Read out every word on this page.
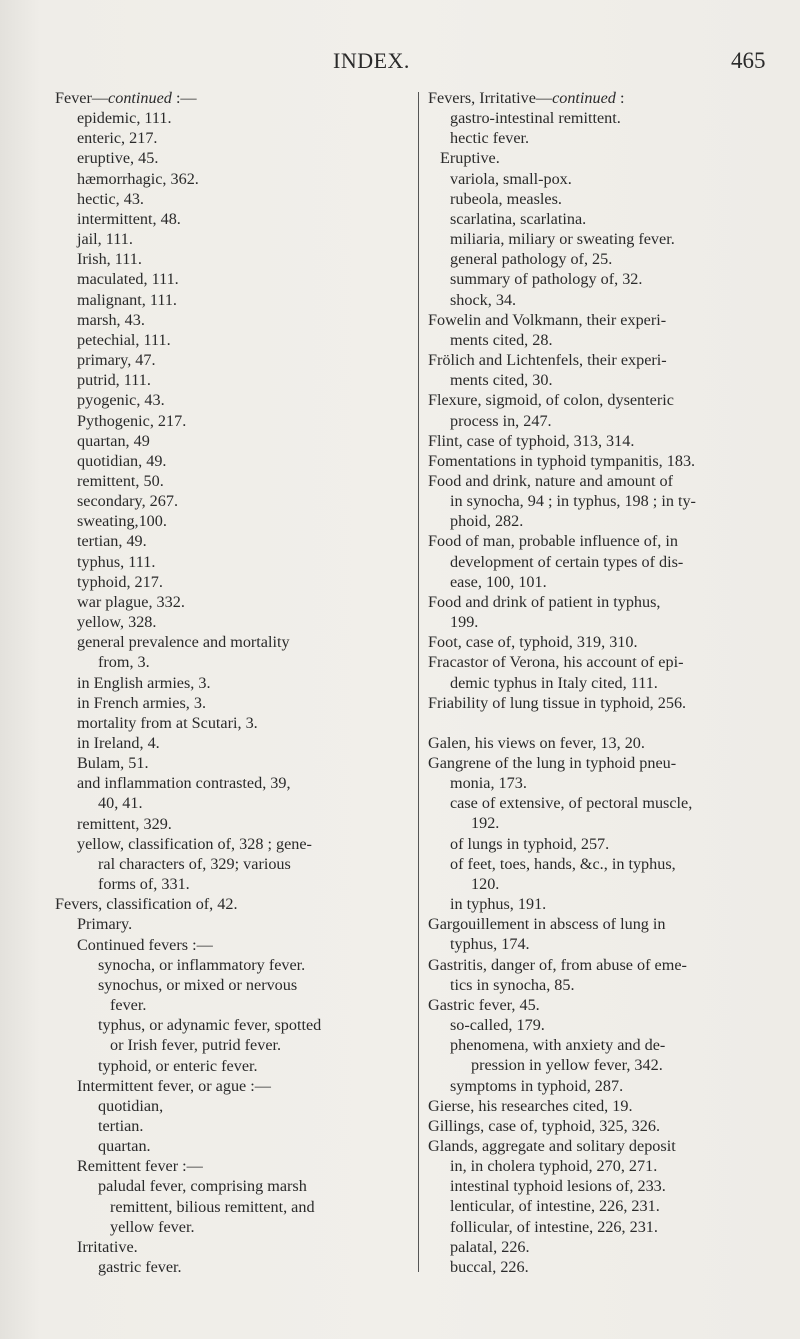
INDEX.	465
Fever—continued :—
epidemic, 111.
enteric, 217.
eruptive, 45.
hæmorrhagic, 362.
hectic, 43.
intermittent, 48.
jail, 111.
Irish, 111.
maculated, 111.
malignant, 111.
marsh, 43.
petechial, 111.
primary, 47.
putrid, 111.
pyogenic, 43.
Pythogenic, 217.
quartan, 49
quotidian, 49.
remittent, 50.
secondary, 267.
sweating,100.
tertian, 49.
typhus, 111.
typhoid, 217.
war plague, 332.
yellow, 328.
general prevalence and mortality
from, 3.
in English armies, 3.
in French armies, 3.
mortality from at Scutari, 3.
in Ireland, 4.
Bulam, 51.
and inflammation contrasted, 39,
40, 41.
remittent, 329.
yellow, classification of, 328 ; gene-
ral characters of, 329; various
forms of, 331.
Fevers, classification of, 42.
Primary.
Continued fevers :—
synocha, or inflammatory fever.
synochus, or mixed or nervous
fever.
typhus, or adynamic fever, spotted
or Irish fever, putrid fever.
typhoid, or enteric fever.
Intermittent fever, or ague :—
quotidian,
tertian.
quartan.
Remittent fever :—
paludal fever, comprising marsh
remittent, bilious remittent, and
yellow fever.
Irritative.
gastric fever.
Fevers, Irritative—continued :
gastro-intestinal remittent.
hectic fever.
Eruptive.
variola, small-pox.
rubeola, measles.
scarlatina, scarlatina.
miliaria, miliary or sweating fever.
general pathology of, 25.
summary of pathology of, 32.
shock, 34.
Fowelin and Volkmann, their experi-
ments cited, 28.
Frölich and Lichtenfels, their experi-
ments cited, 30.
Flexure, sigmoid, of colon, dysenteric
process in, 247.
Flint, case of typhoid, 313, 314.
Fomentations in typhoid tympanitis, 183.
Food and drink, nature and amount of
in synocha, 94 ; in typhus, 198 ; in ty-
phoid, 282.
Food of man, probable influence of, in
development of certain types of dis-
ease, 100, 101.
Food and drink of patient in typhus,
199.
Foot, case of, typhoid, 319, 310.
Fracastor of Verona, his account of epi-
demic typhus in Italy cited, 111.
Friability of lung tissue in typhoid, 256.
Galen, his views on fever, 13, 20.
Gangrene of the lung in typhoid pneu-
monia, 173.
case of extensive, of pectoral muscle,
192.
of lungs in typhoid, 257.
of feet, toes, hands, &c., in typhus,
120.
in typhus, 191.
Gargouillement in abscess of lung in
typhus, 174.
Gastritis, danger of, from abuse of eme-
tics in synocha, 85.
Gastric fever, 45.
so-called, 179.
phenomena, with anxiety and de-
pression in yellow fever, 342.
symptoms in typhoid, 287.
Gierse, his researches cited, 19.
Gillings, case of, typhoid, 325, 326.
Glands, aggregate and solitary deposit
in, in cholera typhoid, 270, 271.
intestinal typhoid lesions of, 233.
lenticular, of intestine, 226, 231.
follicular, of intestine, 226, 231.
palatal, 226.
buccal, 226.
